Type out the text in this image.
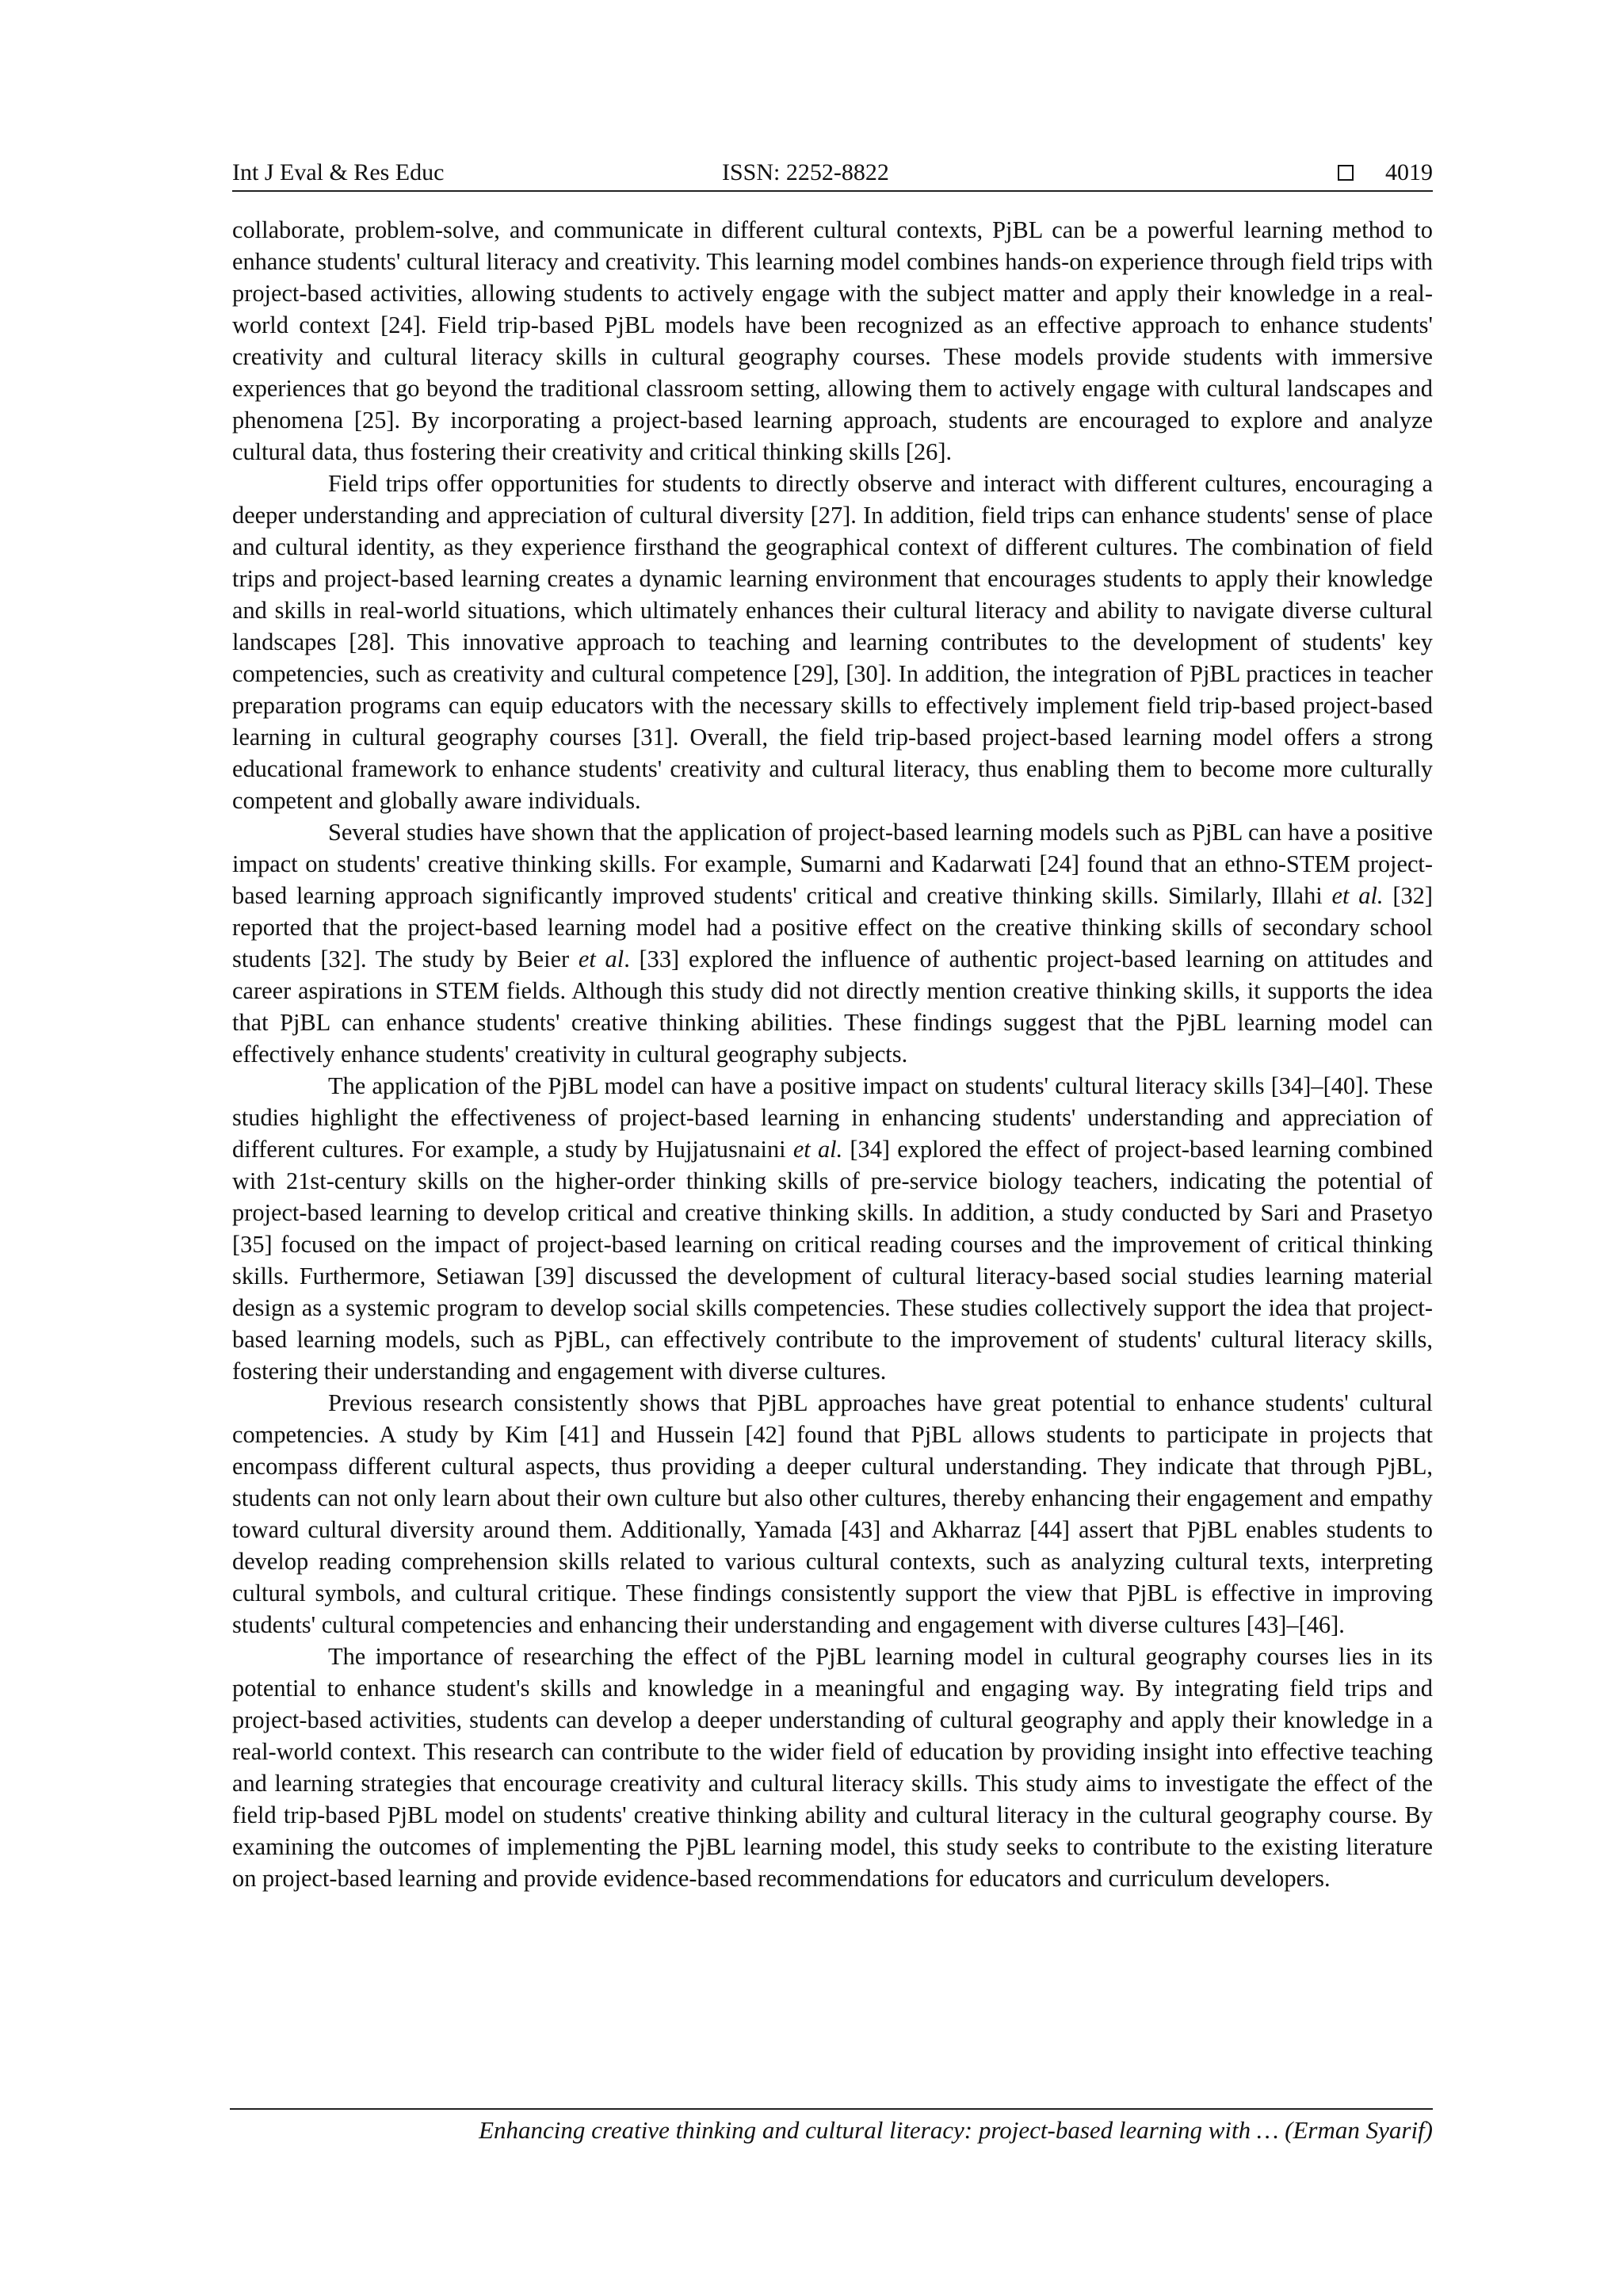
Int J Eval & Res Educ	ISSN: 2252-8822	4019

collaborate, problem-solve, and communicate in different cultural contexts, PjBL can be a powerful learning method to enhance students' cultural literacy and creativity. This learning model combines hands-on experience through field trips with project-based activities, allowing students to actively engage with the subject matter and apply their knowledge in a real-world context [24]. Field trip-based PjBL models have been recognized as an effective approach to enhance students' creativity and cultural literacy skills in cultural geography courses. These models provide students with immersive experiences that go beyond the traditional classroom setting, allowing them to actively engage with cultural landscapes and phenomena [25]. By incorporating a project-based learning approach, students are encouraged to explore and analyze cultural data, thus fostering their creativity and critical thinking skills [26].

Field trips offer opportunities for students to directly observe and interact with different cultures, encouraging a deeper understanding and appreciation of cultural diversity [27]. In addition, field trips can enhance students' sense of place and cultural identity, as they experience firsthand the geographical context of different cultures. The combination of field trips and project-based learning creates a dynamic learning environment that encourages students to apply their knowledge and skills in real-world situations, which ultimately enhances their cultural literacy and ability to navigate diverse cultural landscapes [28]. This innovative approach to teaching and learning contributes to the development of students' key competencies, such as creativity and cultural competence [29], [30]. In addition, the integration of PjBL practices in teacher preparation programs can equip educators with the necessary skills to effectively implement field trip-based project-based learning in cultural geography courses [31]. Overall, the field trip-based project-based learning model offers a strong educational framework to enhance students' creativity and cultural literacy, thus enabling them to become more culturally competent and globally aware individuals.

Several studies have shown that the application of project-based learning models such as PjBL can have a positive impact on students' creative thinking skills. For example, Sumarni and Kadarwati [24] found that an ethno-STEM project-based learning approach significantly improved students' critical and creative thinking skills. Similarly, Illahi et al. [32] reported that the project-based learning model had a positive effect on the creative thinking skills of secondary school students [32]. The study by Beier et al. [33] explored the influence of authentic project-based learning on attitudes and career aspirations in STEM fields. Although this study did not directly mention creative thinking skills, it supports the idea that PjBL can enhance students' creative thinking abilities. These findings suggest that the PjBL learning model can effectively enhance students' creativity in cultural geography subjects.

The application of the PjBL model can have a positive impact on students' cultural literacy skills [34]–[40]. These studies highlight the effectiveness of project-based learning in enhancing students' understanding and appreciation of different cultures. For example, a study by Hujjatusnaini et al. [34] explored the effect of project-based learning combined with 21st-century skills on the higher-order thinking skills of pre-service biology teachers, indicating the potential of project-based learning to develop critical and creative thinking skills. In addition, a study conducted by Sari and Prasetyo [35] focused on the impact of project-based learning on critical reading courses and the improvement of critical thinking skills. Furthermore, Setiawan [39] discussed the development of cultural literacy-based social studies learning material design as a systemic program to develop social skills competencies. These studies collectively support the idea that project-based learning models, such as PjBL, can effectively contribute to the improvement of students' cultural literacy skills, fostering their understanding and engagement with diverse cultures.

Previous research consistently shows that PjBL approaches have great potential to enhance students' cultural competencies. A study by Kim [41] and Hussein [42] found that PjBL allows students to participate in projects that encompass different cultural aspects, thus providing a deeper cultural understanding. They indicate that through PjBL, students can not only learn about their own culture but also other cultures, thereby enhancing their engagement and empathy toward cultural diversity around them. Additionally, Yamada [43] and Akharraz [44] assert that PjBL enables students to develop reading comprehension skills related to various cultural contexts, such as analyzing cultural texts, interpreting cultural symbols, and cultural critique. These findings consistently support the view that PjBL is effective in improving students' cultural competencies and enhancing their understanding and engagement with diverse cultures [43]–[46].

The importance of researching the effect of the PjBL learning model in cultural geography courses lies in its potential to enhance student's skills and knowledge in a meaningful and engaging way. By integrating field trips and project-based activities, students can develop a deeper understanding of cultural geography and apply their knowledge in a real-world context. This research can contribute to the wider field of education by providing insight into effective teaching and learning strategies that encourage creativity and cultural literacy skills. This study aims to investigate the effect of the field trip-based PjBL model on students' creative thinking ability and cultural literacy in the cultural geography course. By examining the outcomes of implementing the PjBL learning model, this study seeks to contribute to the existing literature on project-based learning and provide evidence-based recommendations for educators and curriculum developers.

Enhancing creative thinking and cultural literacy: project-based learning with … (Erman Syarif)
